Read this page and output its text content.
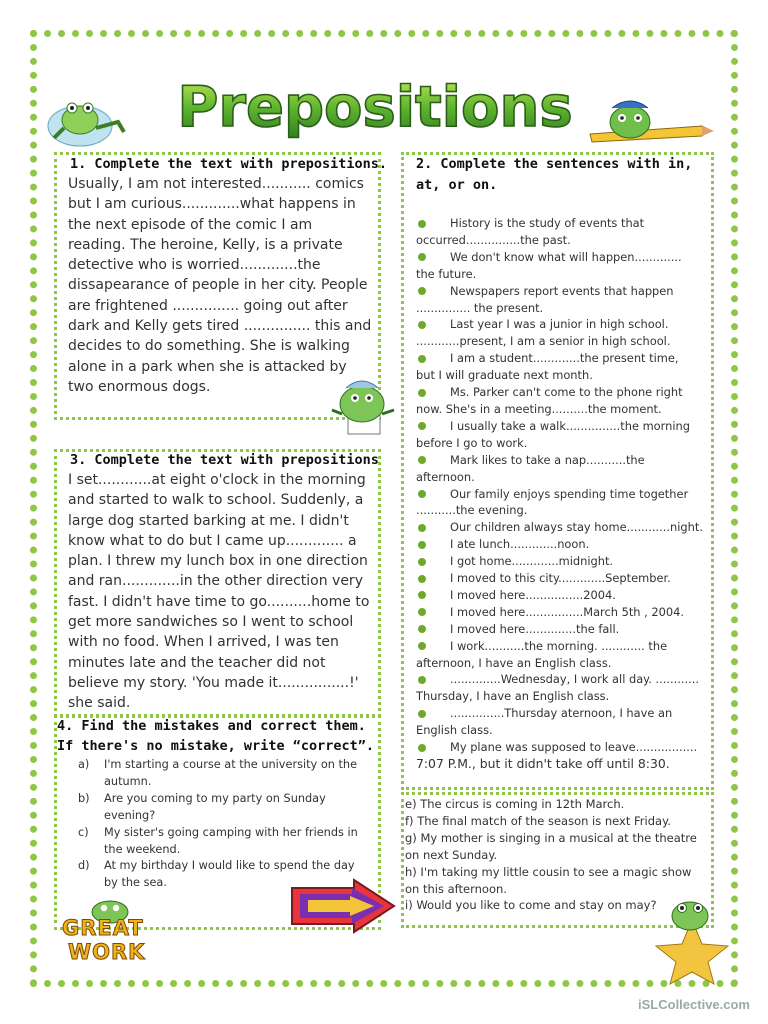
Prepositions
1. Complete the text with prepositions.
Usually, I am not interested........... comics
but I am curious.............what happens in
the next episode of the comic I am
reading. The heroine, Kelly, is a private
detective who is worried.............the
dissapearance of people in her city. People
are frightened ............... going out after
dark and Kelly gets tired ............... this and
decides to do something. She is walking
alone in a park when she is attacked by
two enormous dogs.
3. Complete the text with prepositions
I set............at eight o'clock in the morning
and started to walk to school. Suddenly, a
large dog started barking at me. I didn't
know what to do but I came up............. a
plan. I threw my lunch box in one direction
and ran.............in the other direction very
fast. I didn't have time to go..........home to
get more sandwiches so I went to school
with no food. When I arrived, I was ten
minutes late and the teacher did not
believe my story. 'You made it................!'
she said.
4. Find the mistakes and correct them.
If there's no mistake, write “correct”.
a) I'm starting a course at the university on the
autumn.
b) Are you coming to my party on Sunday
evening?
c) My sister's going camping with her friends in
the weekend.
d) At my birthday I would like to spend the day
by the sea.
GREAT
WORK
2. Complete the sentences with in,
at, or on.
History is the study of events that
occurred...............the past.
We don't know what will happen.............
the future.
Newspapers report events that happen
............... the present.
Last year I was a junior in high school.
............present, I am a senior in high school.
I am a student.............the present time,
but I will graduate next month.
Ms. Parker can't come to the phone right
now. She's in a meeting..........the moment.
I usually take a walk...............the morning
before I go to work.
Mark likes to take a nap...........the
afternoon.
Our family enjoys spending time together
...........the evening.
Our children always stay home............night.
I ate lunch.............noon.
I got home.............midnight.
I moved to this city.............September.
I moved here................2004.
I moved here................March 5th , 2004.
I moved here..............the fall.
I work...........the morning. ............ the
afternoon, I have an English class.
..............Wednesday, I work all day. ............
Thursday, I have an English class.
...............Thursday aternoon, I have an
English class.
My plane was supposed to leave.................
7:07 P.M., but it didn't take off until 8:30.
e) The circus is coming in 12th March.
f) The final match of the season is next Friday.
g) My mother is singing in a musical at the theatre
on next Sunday.
h) I'm taking my little cousin to see a magic show
on this afternoon.
i) Would you like to come and stay on may?
iSLCollective.com
